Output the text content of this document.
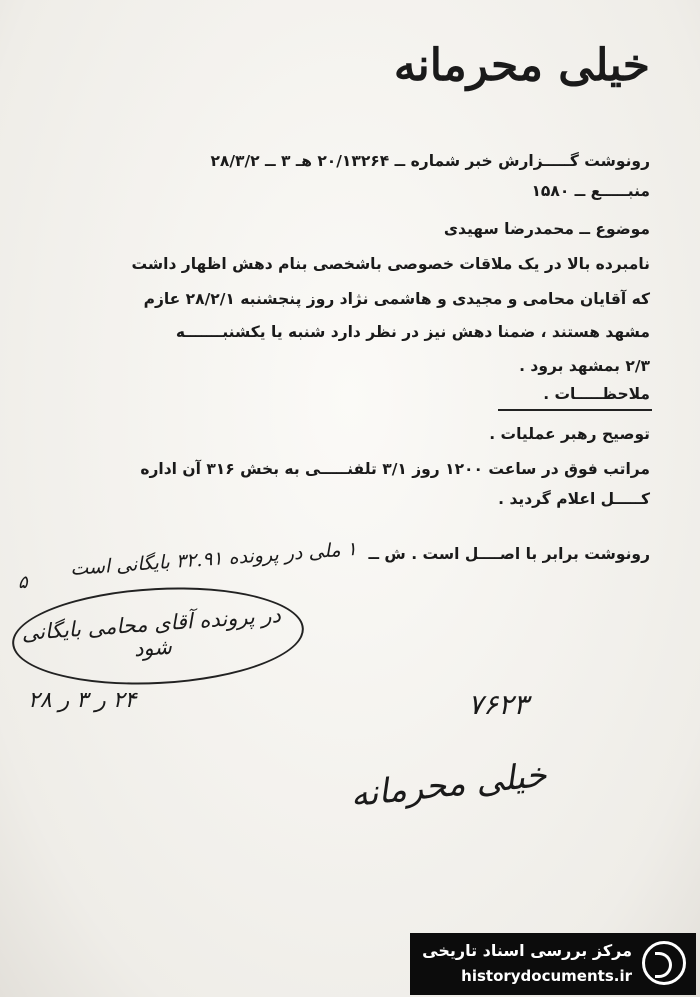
خیلی محرمانه
رونوشت گـــــزارش خبر شماره ــ ۲۰/۱۳۲۶۴ هـ ۳ ــ ۲۸/۳/۲
منبـــــع ــ ۱۵۸۰
موضوع ــ محمدرضا سهیدی
نامبرده بالا در یک ملاقات خصوصی باشخصی بنام دهش اظهار داشت
که آقایان محامی و مجیدی و هاشمی نژاد روز پنجشنبه ۲۸/۲/۱ عازم
مشهد هستند ، ضمنا دهش نیز در نظر دارد شنبه یا یکشنبـــــــه
۲/۳ بمشهد برود .
ملاحظـــــات .
توصیح رهبر عملیات .
مراتب فوق در ساعت ۱۲۰۰ روز ۳/۱ تلفنـــــی به بخش ۳۱۶ آن اداره
کـــــل اعلام گردید .
رونوشت برابر با اصــــل است . ش ــ
۱ ملی در پرونده ۳۲.۹۱ بایگانی است
۵
در پرونده آقای محامی بایگانی شود
۲۴ ر ۳ ر ۲۸	۷۶۲۳
خیلی محرمانه
مرکز بررسی اسناد تاریخی
historydocuments.ir
